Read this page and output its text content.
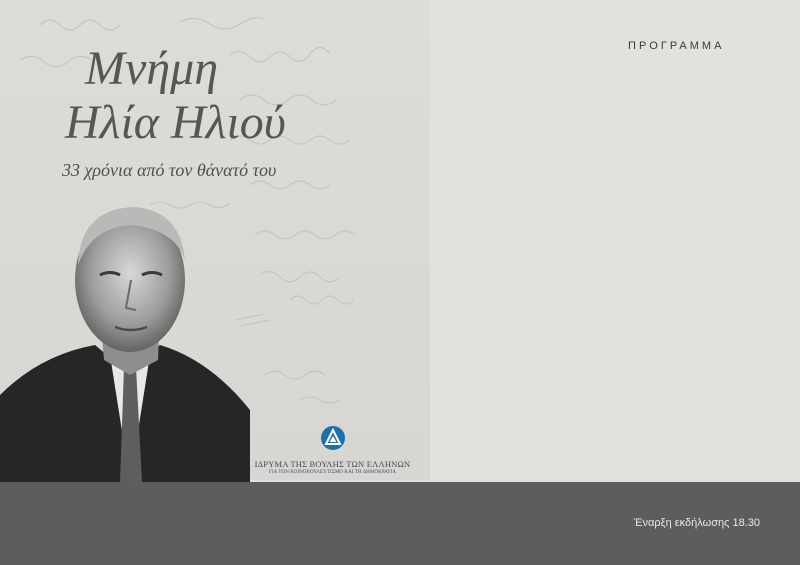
Μνήμη
Ηλία Ηλιού
33 χρόνια από τον θάνατό του
ΙΔΡΥΜΑ ΤΗΣ ΒΟΥΛΗΣ ΤΩΝ ΕΛΛΗΝΩΝ
ΓΙΑ ΤΟΝ ΚΟΙΝΟΒΟΥΛΕΥΤΙΣΜΟ ΚΑΙ ΤΗ ΔΗΜΟΚΡΑΤΙΑ
ΠΡΟΓΡΑΜΜΑ
Έναρξη εκδήλωσης 18.30
